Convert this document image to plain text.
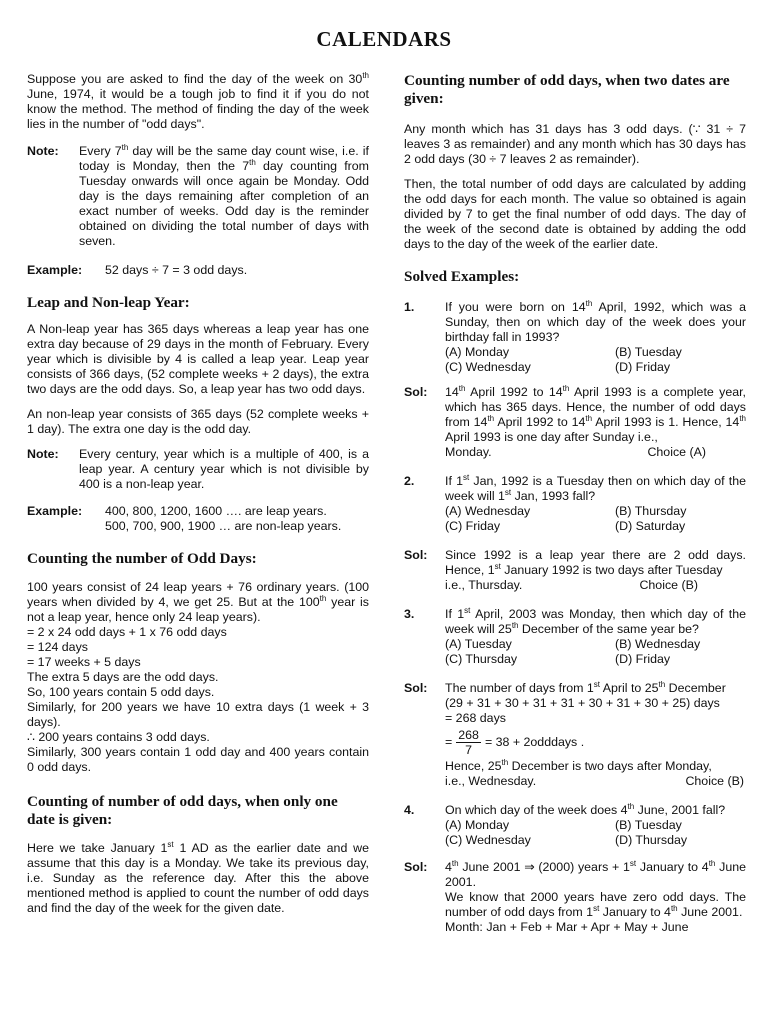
CALENDARS

Suppose you are asked to find the day of the week on 30th June, 1974, it would be a tough job to find it if you do not know the method. The method of finding the day of the week lies in the number of "odd days".

Note:	Every 7th day will be the same day count wise, i.e. if today is Monday, then the 7th day counting from Tuesday onwards will once again be Monday. Odd day is the days remaining after completion of an exact number of weeks. Odd day is the reminder obtained on dividing the total number of days with seven.
Example:	52 days ÷ 7 = 3 odd days.
Leap and Non-leap Year:

A Non-leap year has 365 days whereas a leap year has one extra day because of 29 days in the month of February. Every year which is divisible by 4 is called a leap year. Leap year consists of 366 days, (52 complete weeks + 2 days), the extra two days are the odd days. So, a leap year has two odd days.

An non-leap year consists of 365 days (52 complete weeks + 1 day). The extra one day is the odd day.

Note:	Every century, year which is a multiple of 400, is a leap year. A century year which is not divisible by 400 is a non-leap year.
Example:	400, 800, 1200, 1600 …. are leap years.
500, 700, 900, 1900 … are non-leap years.
Counting the number of Odd Days:

100 years consist of 24 leap years + 76 ordinary years. (100 years when divided by 4, we get 25. But at the 100th year is not a leap year, hence only 24 leap years).

= 2 x 24 odd days + 1 x 76 odd days
= 124 days
= 17 weeks + 5 days
The extra 5 days are the odd days.
So, 100 years contain 5 odd days.
Similarly, for 200 years we have 10 extra days (1 week + 3 days).
∴ 200 years contains 3 odd days.
Similarly, 300 years contain 1 odd day and 400 years contain 0 odd days.
Counting of number of odd days, when only one date is given:

Here we take January 1st 1 AD as the earlier date and we assume that this day is a Monday. We take its previous day, i.e. Sunday as the reference day. After this the above mentioned method is applied to count the number of odd days and find the day of the week for the given date.

Counting number of odd days, when two dates are given:

Any month which has 31 days has 3 odd days. (∵ 31 ÷ 7 leaves 3 as remainder) and any month which has 30 days has 2 odd days (30 ÷ 7 leaves 2 as remainder).

Then, the total number of odd days are calculated by adding the odd days for each month. The value so obtained is again divided by 7 to get the final number of odd days. The day of the week of the second date is obtained by adding the odd days to the day of the week of the earlier date.

Solved Examples:
1.	If you were born on 14th April, 1992, which was a Sunday, then on which day of the week does your birthday fall in 1993?
(A) Monday	(B) Tuesday
(C) Wednesday	(D) Friday
Sol:	14th April 1992 to 14th April 1993 is a complete year, which has 365 days. Hence, the number of odd days from 14th April 1992 to 14th April 1993 is 1. Hence, 14th April 1993 is one day after Sunday i.e.,
Monday.	Choice (A)
2.	If 1st Jan, 1992 is a Tuesday then on which day of the week will 1st Jan, 1993 fall?
(A) Wednesday	(B) Thursday
(C) Friday	(D) Saturday
Sol:	Since 1992 is a leap year there are 2 odd days. Hence, 1st January 1992 is two days after Tuesday
i.e., Thursday.	Choice (B)
3.	If 1st April, 2003 was Monday, then which day of the week will 25th December of the same year be?
(A) Tuesday	(B) Wednesday
(C) Thursday	(D) Friday
Sol:	The number of days from 1st April to 25th December
(29 + 31 + 30 + 31 + 31 + 30 + 31 + 30 + 25) days
= 268 days
= $\frac{268}{7} = 38$ + 2odddays .
Hence, 25th December is two days after Monday,
i.e., Wednesday.	Choice (B)
4.	On which day of the week does 4th June, 2001 fall?
(A) Monday	(B) Tuesday
(C) Wednesday	(D) Thursday
Sol:	4th June 2001 ⇒ (2000) years + 1st January to 4th June 2001.
We know that 2000 years have zero odd days. The number of odd days from 1st January to 4th June 2001.
Month: Jan + Feb + Mar + Apr + May + June
